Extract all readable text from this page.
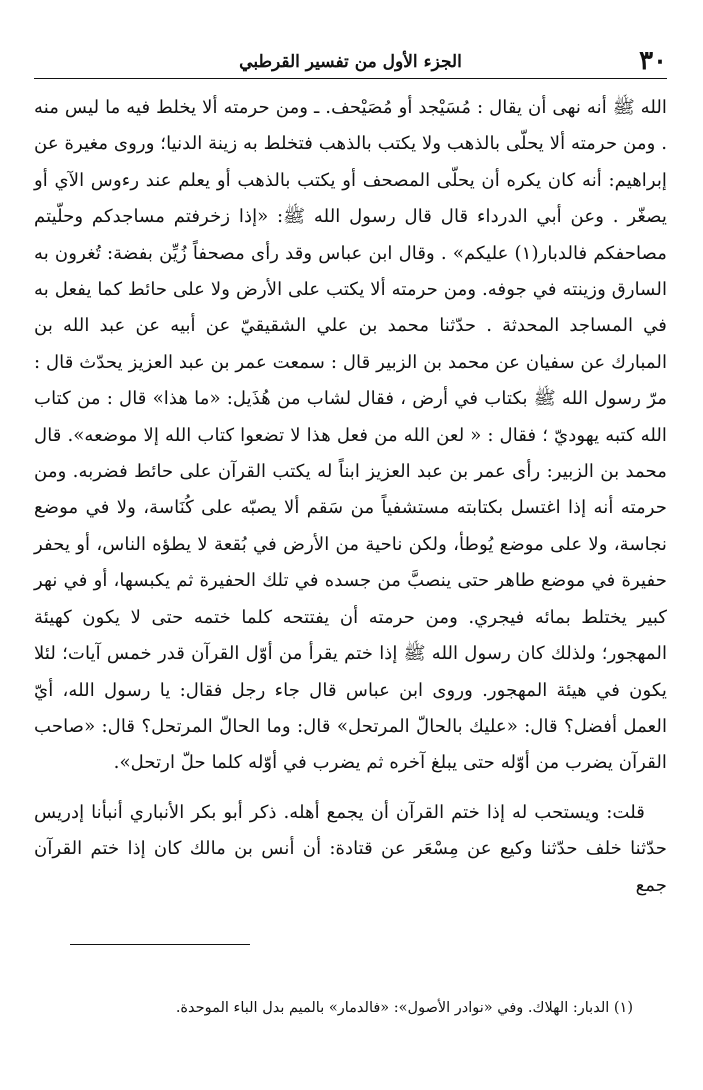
٣٠
الجزء الأول من تفسير القرطبي

الله ﷺ أنه نهى أن يقال : مُسَيْجد أو مُصَيْحف. ـ ومن حرمته ألا يخلط فيه ما ليس منه . ومن حرمته ألا يحلّى بالذهب ولا يكتب بالذهب فتخلط به زينة الدنيا؛ وروى مغيرة عن إبراهيم: أنه كان يكره أن يحلّى المصحف أو يكتب بالذهب أو يعلم عند رءوس الآي أو يصغّر . وعن أبي الدرداء قال قال رسول الله ﷺ: «إذا زخرفتم مساجدكم وحلّيتم مصاحفكم فالدبار(١) عليكم» . وقال ابن عباس وقد رأى مصحفاً زُيِّن بفضة: تُغرون به السارق وزينته في جوفه. ومن حرمته ألا يكتب على الأرض ولا على حائط كما يفعل به في المساجد المحدثة . حدّثنا محمد بن علي الشقيقيّ عن أبيه عن عبد الله بن المبارك عن سفيان عن محمد بن الزبير قال : سمعت عمر بن عبد العزيز يحدّث قال : مرّ رسول الله ﷺ بكتاب في أرض ، فقال لشاب من هُذَيل: «ما هذا» قال : من كتاب الله كتبه يهوديّ ؛ فقال : « لعن الله من فعل هذا لا تضعوا كتاب الله إلا موضعه». قال محمد بن الزبير: رأى عمر بن عبد العزيز ابناً له يكتب القرآن على حائط فضربه. ومن حرمته أنه إذا اغتسل بكتابته مستشفياً من سَقم ألا يصبّه على كُنَاسة، ولا في موضع نجاسة، ولا على موضع يُوطأ، ولكن ناحية من الأرض في بُقعة لا يطؤه الناس، أو يحفر حفيرة في موضع طاهر حتى ينصبَّ من جسده في تلك الحفيرة ثم يكبسها، أو في نهر كبير يختلط بمائه فيجري. ومن حرمته أن يفتتحه كلما ختمه حتى لا يكون كهيئة المهجور؛ ولذلك كان رسول الله ﷺ إذا ختم يقرأ من أوّل القرآن قدر خمس آيات؛ لئلا يكون في هيئة المهجور. وروى ابن عباس قال جاء رجل فقال: يا رسول الله، أيّ العمل أفضل؟ قال: «عليك بالحالّ المرتحل» قال: وما الحالّ المرتحل؟ قال: «صاحب القرآن يضرب من أوّله حتى يبلغ آخره ثم يضرب في أوّله كلما حلّ ارتحل».

قلت: ويستحب له إذا ختم القرآن أن يجمع أهله. ذكر أبو بكر الأنباري أنبأنا إدريس حدّثنا خلف حدّثنا وكيع عن مِسْعَر عن قتادة: أن أنس بن مالك كان إذا ختم القرآن جمع

(١) الدبار: الهلاك. وفي «نوادر الأصول»: «فالدمار» بالميم بدل الباء الموحدة.
